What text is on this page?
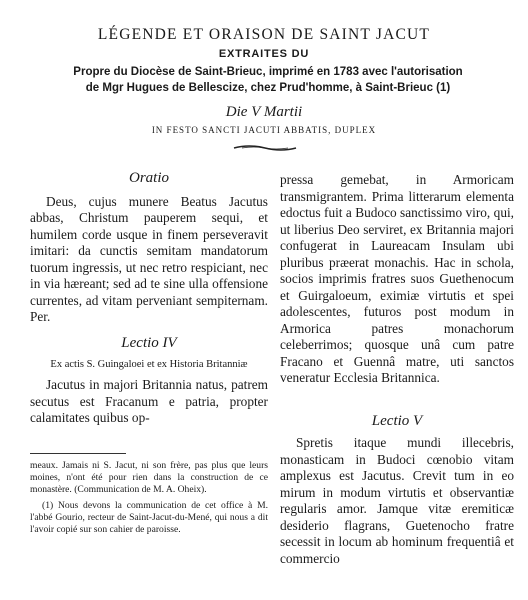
LÉGENDE ET ORAISON DE SAINT JACUT
EXTRAITES DU
Propre du Diocèse de Saint-Brieuc, imprimé en 1783 avec l'autorisation
de Mgr Hugues de Bellescize, chez Prud'homme, à Saint-Brieuc (1)
Die V Martii
IN FESTO SANCTI JACUTI ABBATIS, DUPLEX
Oratio

Deus, cujus munere Beatus Jacutus abbas, Christum pauperem sequi, et humilem corde usque in finem perseveravit imitari: da cunctis semitam mandatorum tuorum ingressis, ut nec retro respiciant, nec in via hæreant; sed ad te sine ulla offensione currentes, ad vitam perveniant sempiternam. Per.

Lectio IV
Ex actis S. Guingaloei et ex Historia Britanniæ

Jacutus in majori Britannia natus, patrem secutus est Fracanum e patria, propter calamitates quibus op-

meaux. Jamais ni S. Jacut, ni son frère, pas plus que leurs moines, n'ont été pour rien dans la construction de ce monastère. (Communication de M. A. Oheix).

(1) Nous devons la communication de cet office à M. l'abbé Gourio, recteur de Saint-Jacut-du-Mené, qui nous a dit l'avoir copié sur son cahier de paroisse.

pressa gemebat, in Armoricam transmigrantem. Prima litterarum elementa edoctus fuit a Budoco sanctissimo viro, qui, ut liberius Deo serviret, ex Britannia majori confugerat in Laureacam Insulam ubi pluribus præerat monachis. Hac in schola, socios imprimis fratres suos Guethenocum et Guirgaloeum, eximiæ virtutis et spei adolescentes, futuros post modum in Armorica patres monachorum celeberrimos; quosque unâ cum patre Fracano et Guennâ matre, uti sanctos veneratur Ecclesia Britannica.

Lectio V

Spretis itaque mundi illecebris, monasticam in Budoci cœnobio vitam amplexus est Jacutus. Crevit tum in eo mirum in modum virtutis et observantiæ regularis amor. Jamque vitæ eremiticæ desiderio flagrans, Guetenocho fratre secessit in locum ab hominum frequentiâ et commercio
